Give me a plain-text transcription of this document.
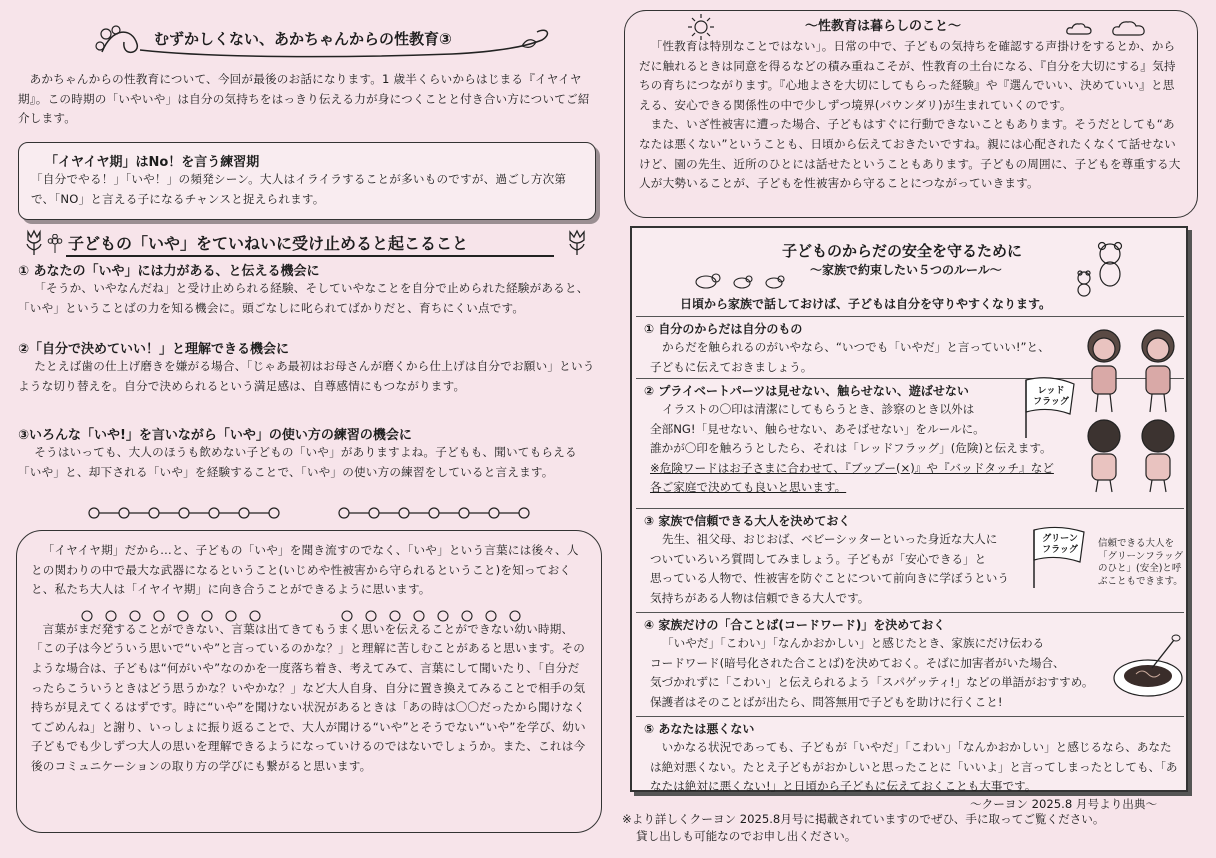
むずかしくない、あかちゃんからの性教育③

あかちゃんからの性教育について、今回が最後のお話になります。1 歳半くらいからはじまる『イヤイヤ期』。この時期の「いやいや」は自分の気持ちをはっきり伝える力が身につくことと付き合い方についてご紹介します。

「イヤイヤ期」はNo！を言う練習期

「自分でやる！」「いや！」の頻発シーン。大人はイライラすることが多いものですが、過ごし方次第で、「NO」と言える子になるチャンスと捉えられます。

子どもの「いや」をていねいに受け止めると起こること
① あなたの「いや」には力がある、と伝える機会に

「そうか、いやなんだね」と受け止められる経験、そしていやなことを自分で止められた経験があると、「いや」ということばの力を知る機会に。頭ごなしに叱られてばかりだと、育ちにくい点です。

②「自分で決めていい！」と理解できる機会に

たとえば歯の仕上げ磨きを嫌がる場合、「じゃあ最初はお母さんが磨くから仕上げは自分でお願い」というような切り替えを。自分で決められるという満足感は、自尊感情にもつながります。

③いろんな「いや!」を言いながら「いや」の使い方の練習の機会に

そうはいっても、大人のほうも飲めない子どもの「いや」がありますよね。子どもも、聞いてもらえる「いや」と、却下される「いや」を経験することで、「いや」の使い方の練習をしていると言えます。

「イヤイヤ期」だから…と、子どもの「いや」を聞き流すのでなく、「いや」という言葉には後々、人との関わりの中で最大な武器になるということ(いじめや性被害から守られるということ)を知っておくと、私たち大人は「イヤイヤ期」に向き合うことができるように思います。

言葉がまだ発することができない、言葉は出てきてもうまく思いを伝えることができない幼い時期、「この子は今どういう思いで“いや”と言っているのかな？」と理解に苦しむことがあると思います。そのような場合は、子どもは“何がいや”なのかを一度落ち着き、考えてみて、言葉にして聞いたり、「自分だったらこういうときはどう思うかな？いやかな？」など大人自身、自分に置き換えてみることで相手の気持ちが見えてくるはずです。時に“いや”を聞けない状況があるときは「あの時は〇〇だったから聞けなくてごめんね」と謝り、いっしょに振り返ることで、大人が聞ける“いや”とそうでない“いや”を学び、幼い子どもでも少しずつ大人の思いを理解できるようになっていけるのではないでしょうか。また、これは今後のコミュニケーションの取り方の学びにも繋がると思います。

～性教育は暮らしのこと～

「性教育は特別なことではない」。日常の中で、子どもの気持ちを確認する声掛けをするとか、からだに触れるときは同意を得るなどの積み重ねこそが、性教育の土台になる、『自分を大切にする』気持ちの育ちにつながります。『心地よさを大切にしてもらった経験』や『選んでいい、決めていい』と思える、安心できる関係性の中で少しずつ境界(バウンダリ)が生まれていくのです。

また、いざ性被害に遭った場合、子どもはすぐに行動できないこともあります。そうだとしても“あなたは悪くない”ということも、日頃から伝えておきたいですね。親には心配されたくなくて話せないけど、園の先生、近所のひとには話せたということもあります。子どもの周囲に、子どもを尊重する大人が大勢いることが、子どもを性被害から守ることにつながっていきます。

子どものからだの安全を守るために
～家族で約束したい５つのルール～
日頃から家族で話しておけば、子どもは自分を守りやすくなります。
① 自分のからだは自分のもの
からだを触られるのがいやなら、“いつでも「いやだ」と言っていい!”と、
子どもに伝えておきましょう。
② プライベートパーツは見せない、触らせない、遊ばせない
イラストの〇印は清潔にしてもらうとき、診察のとき以外は
全部NG!「見せない、触らせない、あそばせない」をルールに。
誰かが〇印を触ろうとしたら、それは「レッドフラッグ」(危険)と伝えます。
※危険ワードはお子さまに合わせて、『ブッブー(×)』や『バッドタッチ』など
各ご家庭で決めても良いと思います。
③ 家族で信頼できる大人を決めておく
先生、祖父母、おじおば、ベビーシッターといった身近な大人に
ついていろいろ質問してみましょう。子どもが「安心できる」と
思っている人物で、性被害を防ぐことについて前向きに学ぼうという
気持ちがある人物は信頼できる大人です。
④ 家族だけの「合ことば(コードワード)」を決めておく
「いやだ」「こわい」「なんかおかしい」と感じたとき、家族にだけ伝わる
コードワード(暗号化された合ことば)を決めておく。そばに加害者がいた場合、
気づかれずに「こわい」と伝えられるよう「スパゲッティ!」などの単語がおすすめ。
保護者はそのことばが出たら、問答無用で子どもを助けに行くこと!
⑤ あなたは悪くない
いかなる状況であっても、子どもが「いやだ」「こわい」「なんかおかしい」と感じるなら、あなたは絶対悪くない。たとえ子どもがおかしいと思ったことに「いいよ」と言ってしまったとしても、「あなたは絶対に悪くない!」と日頃から子どもに伝えておくことも大事です。
レッド
フラッグ
グリーン
フラッグ
信頼できる大人を「グリーンフラッグのひと」(安全)と呼ぶこともできます。
～クーヨン 2025.8 月号より出典～
※より詳しくクーヨン 2025.8月号に掲載されていますのでぜひ、手に取ってご覧ください。
貸し出しも可能なのでお申し出ください。
